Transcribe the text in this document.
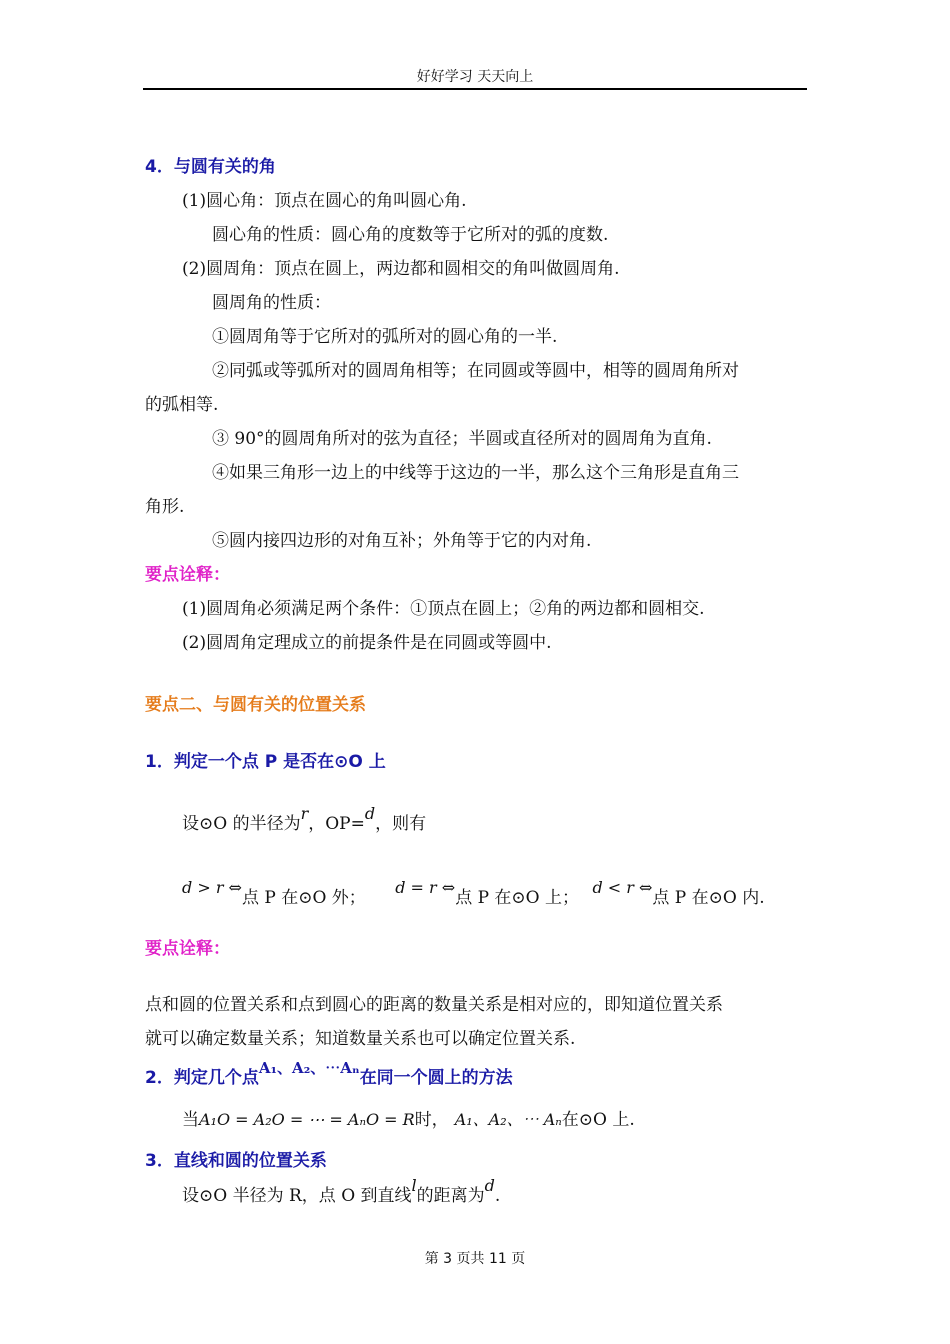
好好学习 天天向上
4．与圆有关的角
(1)圆心角：顶点在圆心的角叫圆心角.
圆心角的性质：圆心角的度数等于它所对的弧的度数.
(2)圆周角：顶点在圆上，两边都和圆相交的角叫做圆周角.
圆周角的性质：
①圆周角等于它所对的弧所对的圆心角的一半.
②同弧或等弧所对的圆周角相等；在同圆或等圆中，相等的圆周角所对
的弧相等.
③ 90°的圆周角所对的弦为直径；半圆或直径所对的圆周角为直角.
④如果三角形一边上的中线等于这边的一半，那么这个三角形是直角三
角形.
⑤圆内接四边形的对角互补；外角等于它的内对角.
要点诠释：
(1)圆周角必须满足两个条件：①顶点在圆上；②角的两边都和圆相交.
(2)圆周角定理成立的前提条件是在同圆或等圆中.
要点二、与圆有关的位置关系
1．判定一个点 P 是否在⊙O 上
设⊙O 的半径为r，OP=d，则有
d > r ⇔点 P 在⊙O 外； d = r ⇔点 P 在⊙O 上； d < r ⇔点 P 在⊙O 内.
要点诠释：
点和圆的位置关系和点到圆心的距离的数量关系是相对应的，即知道位置关系
就可以确定数量关系；知道数量关系也可以确定位置关系.
2．判定几个点A₁、A₂、⋯Aₙ在同一个圆上的方法
当A₁O = A₂O = ⋯ = AₙO = R时， A₁、A₂、⋯ Aₙ在⊙O 上.
3．直线和圆的位置关系
设⊙O 半径为 R，点 O 到直线l的距离为d.
第 3 页共 11 页
